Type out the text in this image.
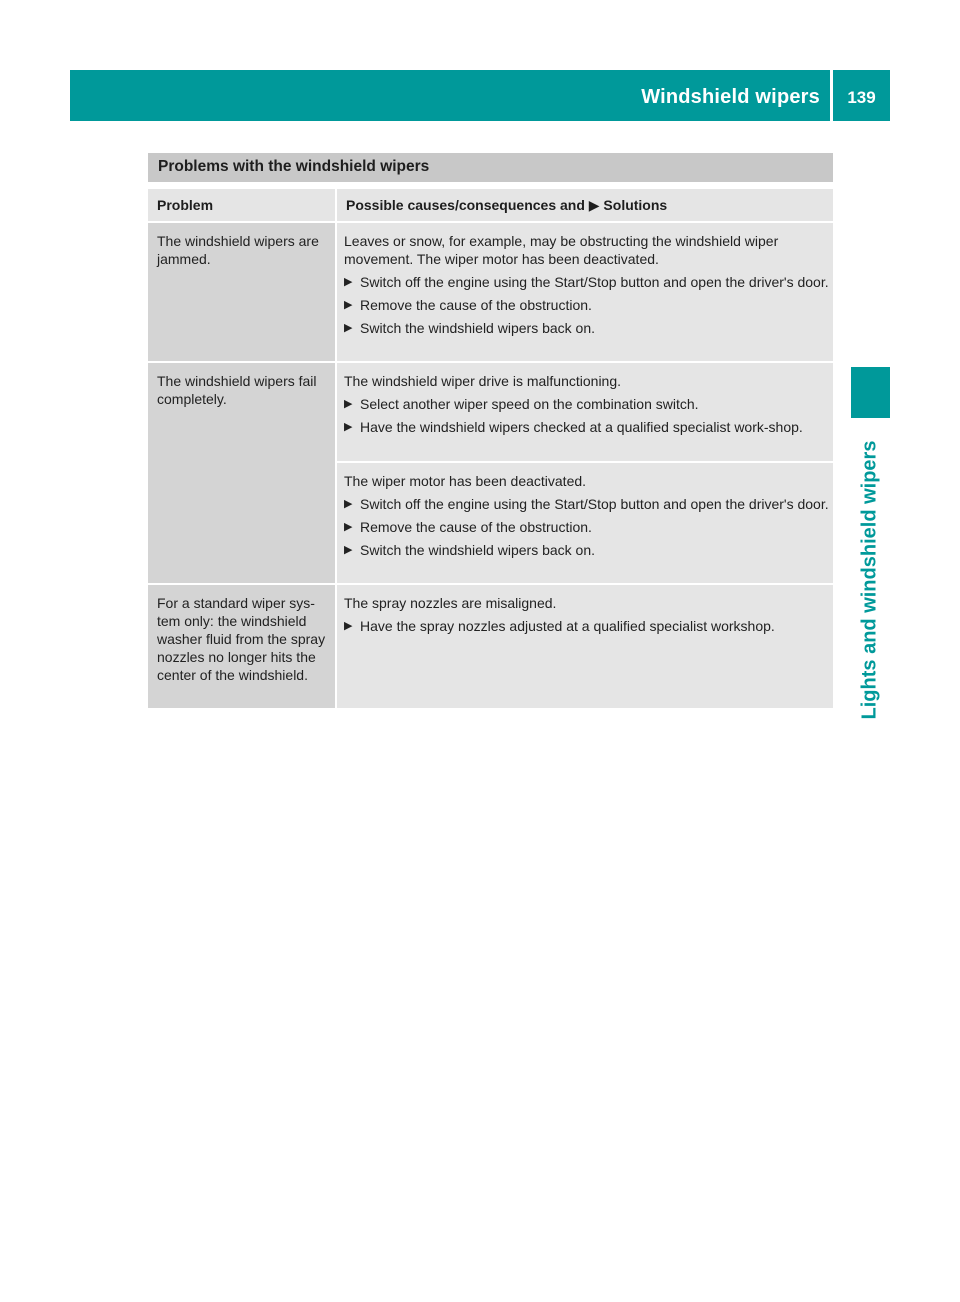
Windshield wipers	139
Lights and windshield wipers
Problems with the windshield wipers
Problem	Possible causes/consequences and ▶ Solutions

The windshield wipers are jammed.

Leaves or snow, for example, may be obstructing the windshield wiper movement. The wiper motor has been deactivated.

▶ Switch off the engine using the Start/Stop button and open the driver's door.

▶ Remove the cause of the obstruction.

▶ Switch the windshield wipers back on.

The windshield wipers fail completely.

The windshield wiper drive is malfunctioning.

▶ Select another wiper speed on the combination switch.

▶ Have the windshield wipers checked at a qualified specialist work-shop.

The wiper motor has been deactivated.

▶ Switch off the engine using the Start/Stop button and open the driver's door.

▶ Remove the cause of the obstruction.

▶ Switch the windshield wipers back on.

For a standard wiper sys-tem only: the windshield washer fluid from the spray nozzles no longer hits the center of the windshield.

The spray nozzles are misaligned.

▶ Have the spray nozzles adjusted at a qualified specialist workshop.
